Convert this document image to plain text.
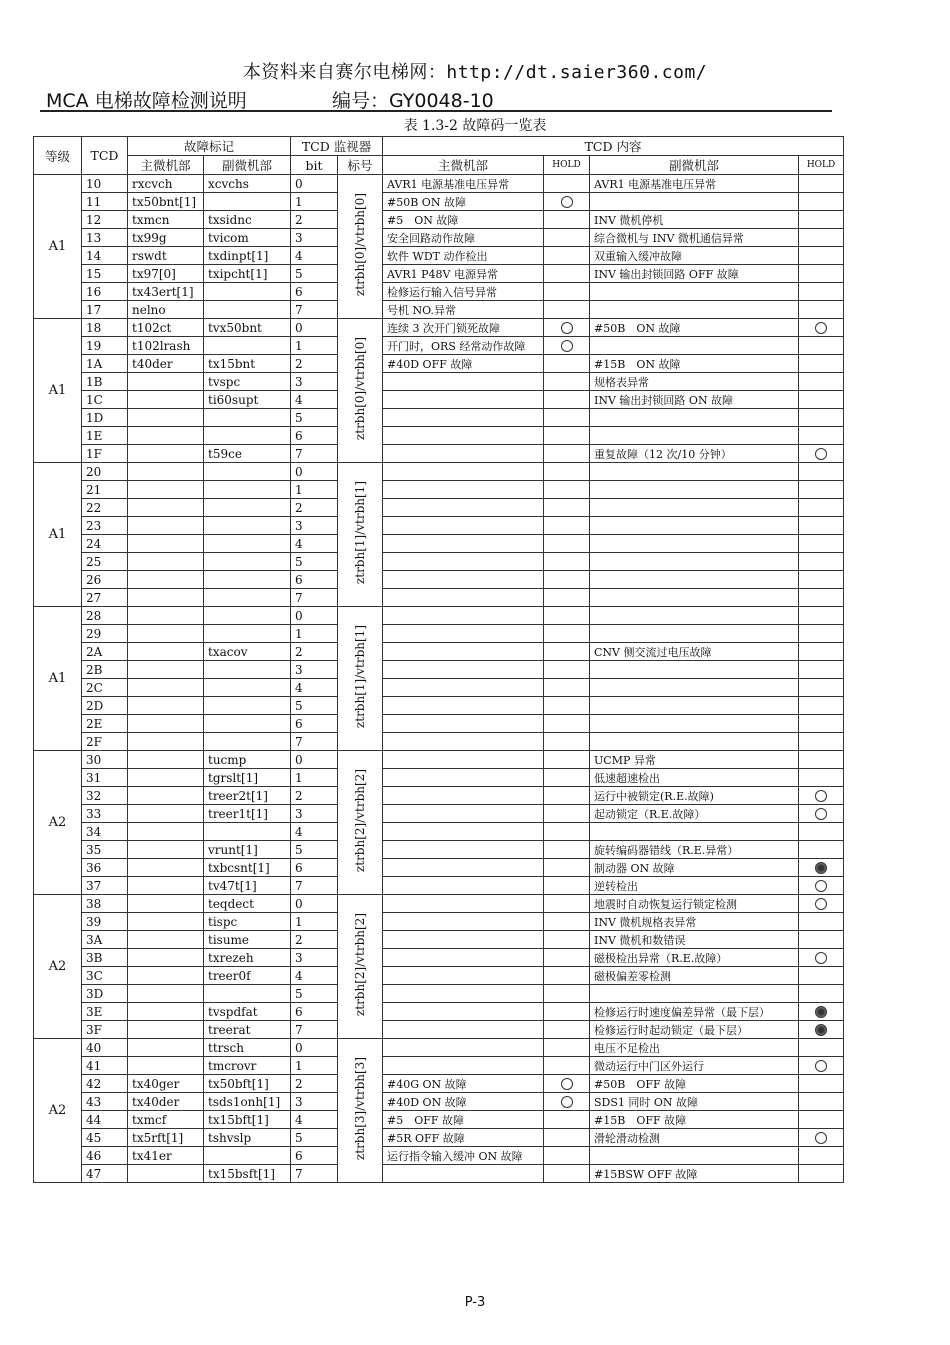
本资料来自赛尔电梯网：http://dt.saier360.com/
MCA 电梯故障检测说明	编号：GY0048-10
表 1.3-2 故障码一览表
等级	TCD	故障标记		TCD 监视器		TCD 内容			
		主微机部	副微机部	bit	标号	主微机部	HOLD	副微机部	HOLD
A1	10	rxcvch	xcvchs	0	ztrbh[0]/vtrbh[0]	AVR1 电源基准电压异常		AVR1 电源基准电压异常	
	11	tx50bnt[1]		1		#50B ON 故障			
	12	txmcn	txsidnc	2		#5　ON 故障		INV 微机停机	
	13	tx99g	tvicom	3		安全回路动作故障		综合微机与 INV 微机通信异常	
	14	rswdt	txdinpt[1]	4		软件 WDT 动作检出		双重输入缓冲故障	
	15	tx97[0]	txipcht[1]	5		AVR1 P48V 电源异常		INV 输出封锁回路 OFF 故障	
	16	tx43ert[1]		6		检修运行输入信号异常			
	17	nelno		7		号机 NO.异常			
A1	18	t102ct	tvx50bnt	0	ztrbh[0]/vtrbh[0]	连续 3 次开门锁死故障		#50B　ON 故障	
	19	t102lrash		1		开门时，ORS 经常动作故障			
	1A	t40der	tx15bnt	2		#40D OFF 故障		#15B　ON 故障	
	1B		tvspc	3				规格表异常	
	1C		ti60supt	4				INV 输出封锁回路 ON 故障	
	1D			5					
	1E			6					
	1F		t59ce	7				重复故障（12 次/10 分钟）	
A1	20			0	ztrbh[1]/vtrbh[1]				
	21			1					
	22			2					
	23			3					
	24			4					
	25			5					
	26			6					
	27			7					
A1	28			0	ztrbh[1]/vtrbh[1]				
	29			1					
	2A		txacov	2				CNV 侧交流过电压故障	
	2B			3					
	2C			4					
	2D			5					
	2E			6					
	2F			7					
A2	30		tucmp	0	ztrbh[2]/vtrbh[2]			UCMP 异常	
	31		tgrslt[1]	1				低速超速检出	
	32		treer2t[1]	2				运行中被锁定(R.E.故障)	
	33		treer1t[1]	3				起动锁定（R.E.故障）	
	34			4					
	35		vrunt[1]	5				旋转编码器错线（R.E.异常）	
	36		txbcsnt[1]	6				制动器 ON 故障	
	37		tv47t[1]	7				逆转检出	
A2	38		teqdect	0	ztrbh[2]/vtrbh[2]			地震时自动恢复运行锁定检测	
	39		tispc	1				INV 微机规格表异常	
	3A		tisume	2				INV 微机和数错误	
	3B		txrezeh	3				磁极检出异常（R.E.故障）	
	3C		treer0f	4				磁极偏差零检测	
	3D			5					
	3E		tvspdfat	6				检修运行时速度偏差异常（最下层）	
	3F		treerat	7				检修运行时起动锁定（最下层）	
A2	40		ttrsch	0	ztrbh[3]/vtrbh[3]			电压不足检出	
	41		tmcrovr	1				微动运行中门区外运行	
	42	tx40ger	tx50bft[1]	2		#40G ON 故障		#50B　OFF 故障	
	43	tx40der	tsds1onh[1]	3		#40D ON 故障		SDS1 同时 ON 故障	
	44	txmcf	tx15bft[1]	4		#5　OFF 故障		#15B　OFF 故障	
	45	tx5rft[1]	tshvslp	5		#5R OFF 故障		滑轮滑动检测	
	46	tx41er		6		运行指令输入缓冲 ON 故障			
	47		tx15bsft[1]	7				#15BSW OFF 故障	
P-3
